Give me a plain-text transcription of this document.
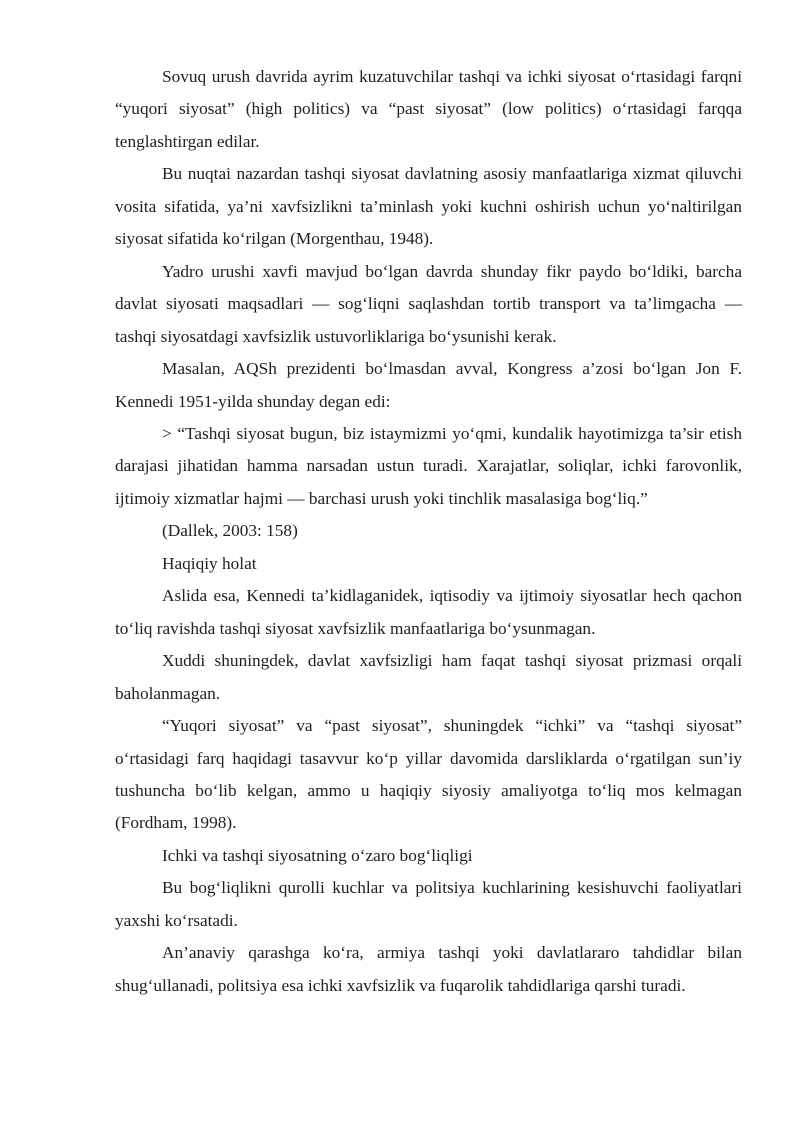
Sovuq urush davrida ayrim kuzatuvchilar tashqi va ichki siyosat o‘rtasidagi farqni “yuqori siyosat” (high politics) va “past siyosat” (low politics) o‘rtasidagi farqqa tenglashtirgan edilar.

Bu nuqtai nazardan tashqi siyosat davlatning asosiy manfaatlariga xizmat qiluvchi vosita sifatida, ya’ni xavfsizlikni ta’minlash yoki kuchni oshirish uchun yo‘naltirilgan siyosat sifatida ko‘rilgan (Morgenthau, 1948).

Yadro urushi xavfi mavjud bo‘lgan davrda shunday fikr paydo bo‘ldiki, barcha davlat siyosati maqsadlari — sog‘liqni saqlashdan tortib transport va ta’limgacha — tashqi siyosatdagi xavfsizlik ustuvorliklariga bo‘ysunishi kerak.

Masalan, AQSh prezidenti bo‘lmasdan avval, Kongress a’zosi bo‘lgan Jon F. Kennedi 1951-yilda shunday degan edi:

> “Tashqi siyosat bugun, biz istaymizmi yo‘qmi, kundalik hayotimizga ta’sir etish darajasi jihatidan hamma narsadan ustun turadi. Xarajatlar, soliqlar, ichki farovonlik, ijtimoiy xizmatlar hajmi — barchasi urush yoki tinchlik masalasiga bog‘liq.”

(Dallek, 2003: 158)

Haqiqiy holat

Aslida esa, Kennedi ta’kidlaganidek, iqtisodiy va ijtimoiy siyosatlar hech qachon to‘liq ravishda tashqi siyosat xavfsizlik manfaatlariga bo‘ysunmagan.

Xuddi shuningdek, davlat xavfsizligi ham faqat tashqi siyosat prizmasi orqali baholanmagan.

“Yuqori siyosat” va “past siyosat”, shuningdek “ichki” va “tashqi siyosat” o‘rtasidagi farq haqidagi tasavvur ko‘p yillar davomida darsliklarda o‘rgatilgan sun’iy tushuncha bo‘lib kelgan, ammo u haqiqiy siyosiy amaliyotga to‘liq mos kelmagan (Fordham, 1998).

Ichki va tashqi siyosatning o‘zaro bog‘liqligi

Bu bog‘liqlikni qurolli kuchlar va politsiya kuchlarining kesishuvchi faoliyatlari yaxshi ko‘rsatadi.

An’anaviy qarashga ko‘ra, armiya tashqi yoki davlatlararo tahdidlar bilan shug‘ullanadi, politsiya esa ichki xavfsizlik va fuqarolik tahdidlariga qarshi turadi.
